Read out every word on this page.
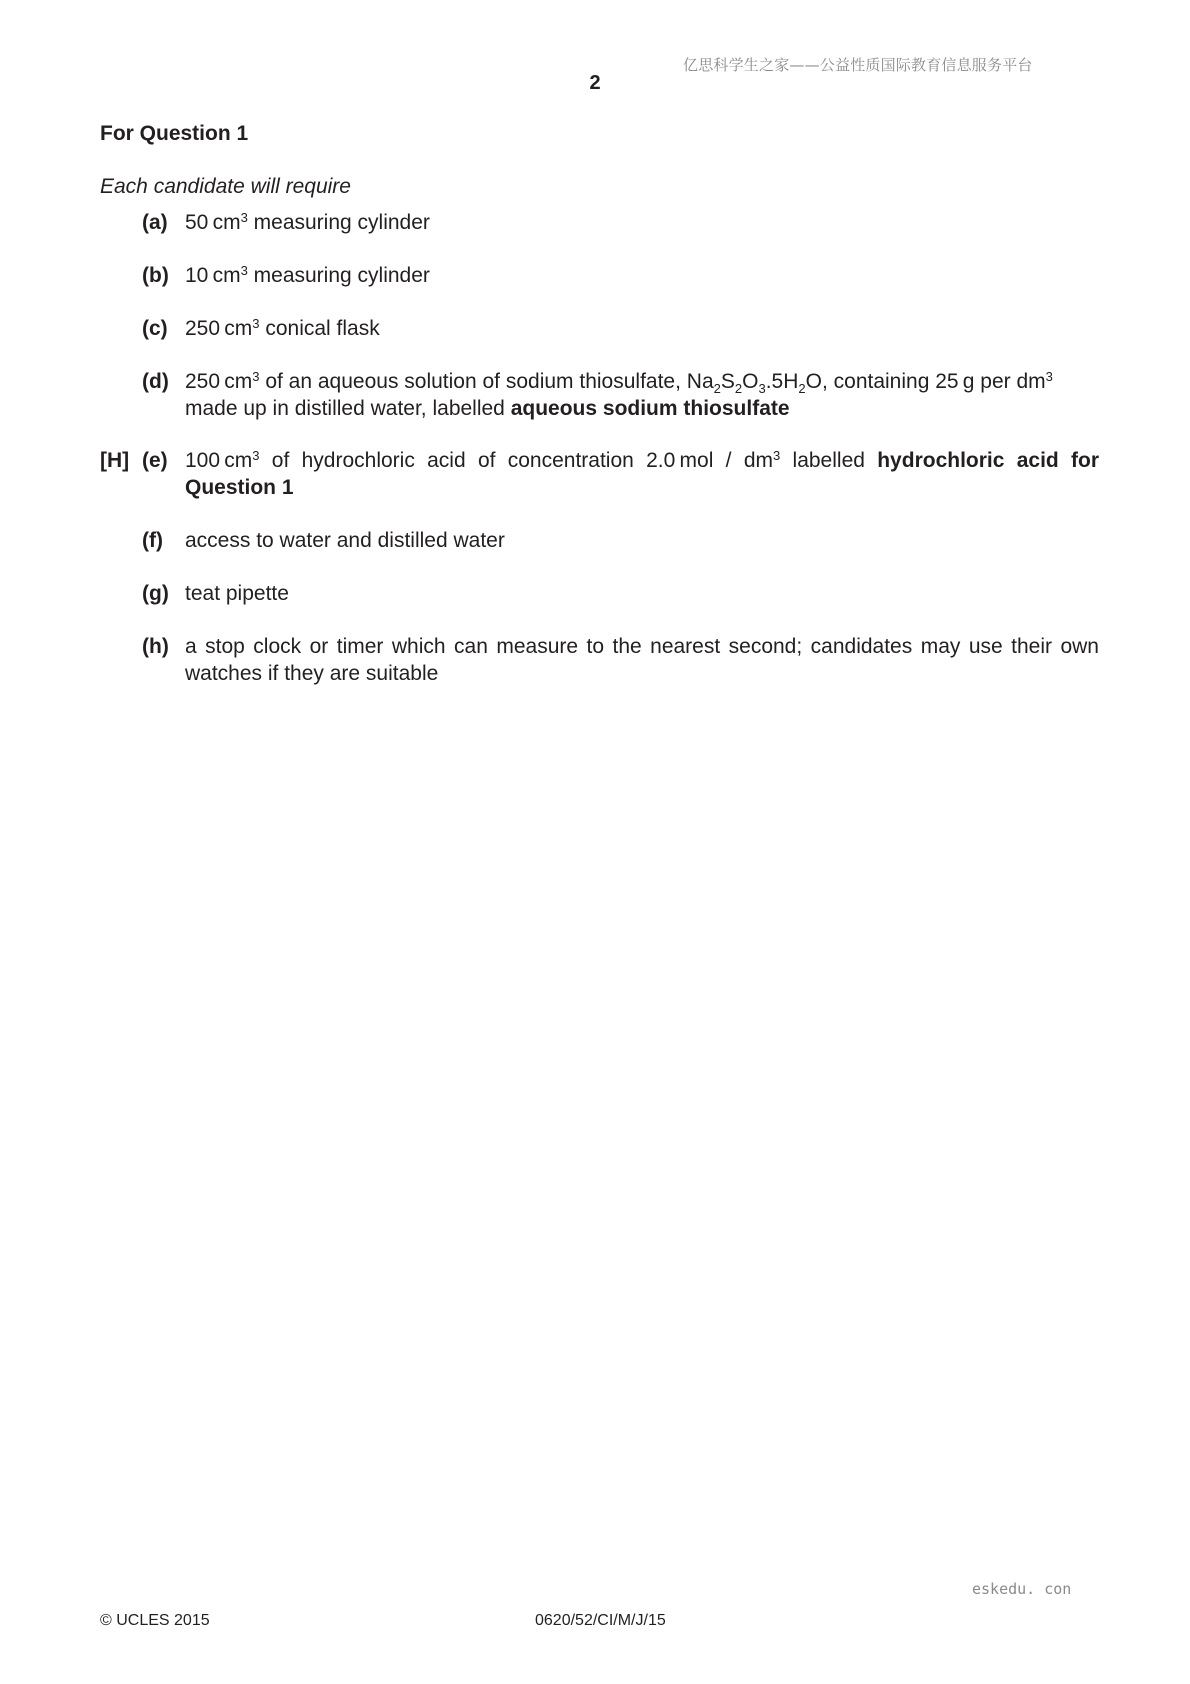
亿思科学生之家——公益性质国际教育信息服务平台
2
For Question 1
Each candidate will require
(a) 50  $cm^3$ measuring cylinder
(b) 10  $cm^3$ measuring cylinder
(c) 250  $cm^3$ conical flask
(d) 250  $cm^3$ of an aqueous solution of sodium thiosulfate, $Na_2S_2O_3.5H_2O$, containing 25  g per $dm^3$ made up in distilled water, labelled aqueous sodium thiosulfate
[H] (e) 100  $cm^3$ of hydrochloric acid of concentration 2.0  mol / $dm^3$ labelled hydrochloric acid for Question 1
(f) access to water and distilled water
(g) teat pipette
(h) a stop clock or timer which can measure to the nearest second; candidates may use their own watches if they are suitable
eskedu. con
© UCLES 2015	0620/52/CI/M/J/15
